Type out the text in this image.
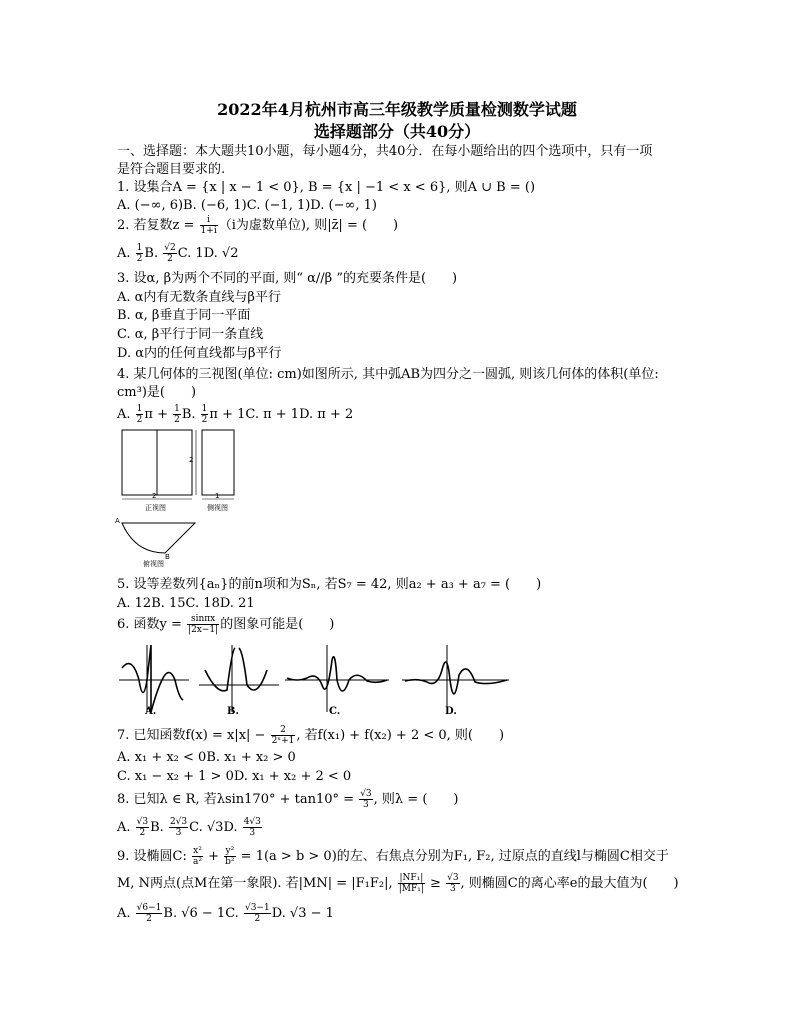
2022年4月杭州市高三年级教学质量检测数学试题
选择题部分（共40分）
一、选择题：本大题共10小题，每小题4分，共40分．在每小题给出的四个选项中，只有一项
是符合题目要求的.
1. 设集合A = {x | x − 1 < 0}, B = {x | −1 < x < 6}, 则A ∪ B = ()
A. (−∞, 6)B. (−6, 1)C. (−1, 1)D. (−∞, 1)
2. 若复数$z = \frac{i}{1+i} (i$为虚数单位), 则|z̄| = (　　)
A. $\frac{1}{2} B$. $\frac{√2}{2} C$. 1D. √2
3. 设α, β为两个不同的平面, 则“ α//β ”的充要条件是(　　)
A. α内有无数条直线与β平行
B. α, β垂直于同一平面
C. α, β平行于同一条直线
D. α内的任何直线都与β平行
4. 某几何体的三视图(单位: cm)如图所示, 其中弧AB为四分之一圆弧, 则该几何体的体积(单位:
cm³)是(　　)
A. $\frac{1}{2}$ $\pi + \frac{1}{2} B$. $\frac{1}{2}$ π + 1C. π + 1D. π + 2
2
2
正视图
A
B
俯视图
1
侧视图
5. 设等差数列{aₙ}的前n项和为Sₙ, 若S₇ = 42, 则a₂ + a₃ + a₇ = (　　)
A. 12B. 15C. 18D. 21
6. 函数$y = \frac{\sin\pi x}{|2x-1|}$ 的图象可能是(　　)
A.	B.	C.	D.
7. 已知函数$f(x) = x|x| - \frac{2}{\text{2ˣ+1}}$ , 若f(x₁) + f(x₂) + 2 < 0, 则(　　)
A. x₁ + x₂ < 0B. x₁ + x₂ > 0
C. x₁ − x₂ + 1 > 0D. x₁ + x₂ + 2 < 0
8. 已知λ ∈ R, 若$\lambda\sin 170^\circ + \tan 10^\circ = \frac{√3}{3}$ , 则λ = (　　)
A. $\frac{√3}{2} B$. $\frac{2√3}{3} C$. √3D. $\frac{4√3}{3}$
9. 设椭圆C: $\frac{\text{x²}}{\text{a²}} + \frac{\text{y²}}{\text{b²}} = 1(a > b > 0)$的左、右焦点分别为F₁, F₂, 过原点的直线l与椭圆C相交于
M, N两点(点M在第一象限). 若|MN| = |F₁F₂|, $\frac{\text{|NF₁|}}{\text{|MF₁|}} \ge \frac{√3}{3}$ , 则椭圆C的离心率e的最大值为(　　)
A. $\frac{√6-1}{2} B$. √6 − 1C. $\frac{√3-1}{2} D$. √3 − 1
